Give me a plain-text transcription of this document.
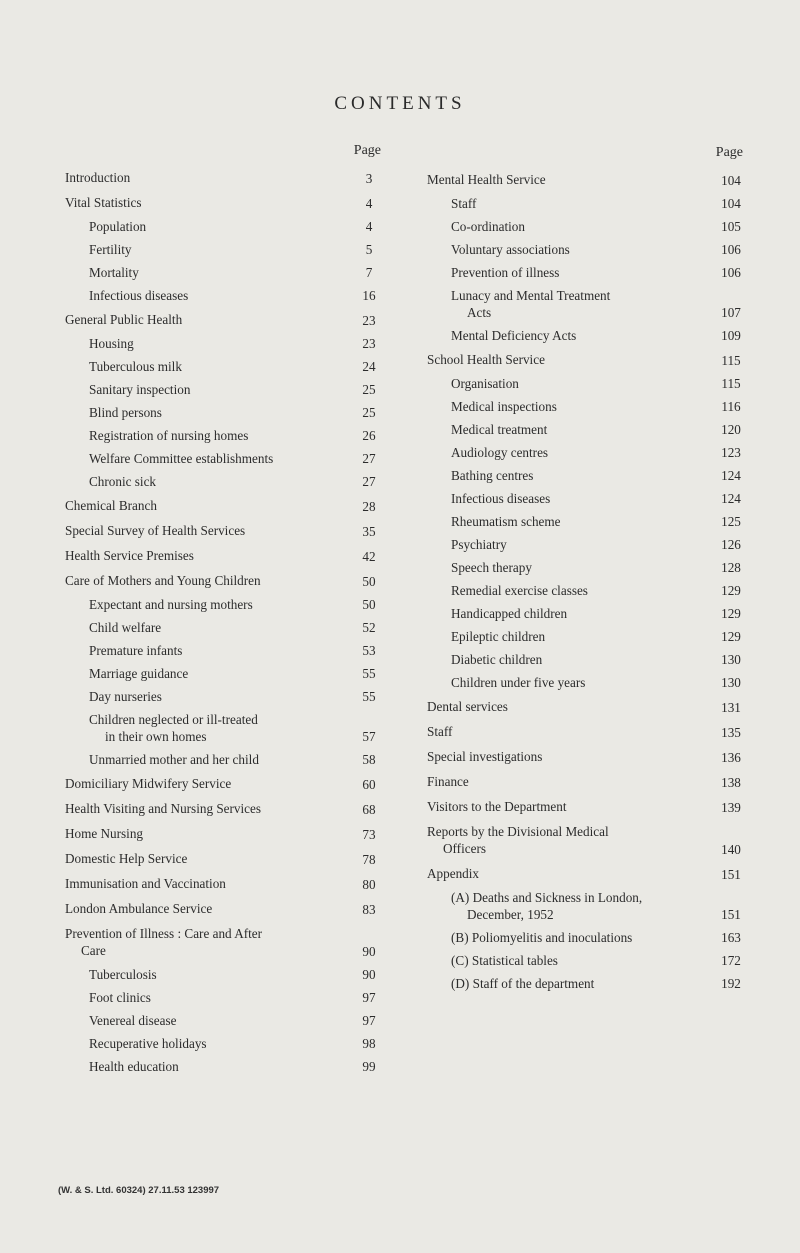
CONTENTS
Page
Introduction	3
Vital Statistics	4
Population	4
Fertility	5
Mortality	7
Infectious diseases	16
General Public Health	23
Housing	23
Tuberculous milk	24
Sanitary inspection	25
Blind persons	25
Registration of nursing homes	26
Welfare Committee establishments	27
Chronic sick	27
Chemical Branch	28
Special Survey of Health Services	35
Health Service Premises	42
Care of Mothers and Young Children	50
Expectant and nursing mothers	50
Child welfare	52
Premature infants	53
Marriage guidance	55
Day nurseries	55
Children neglected or ill-treated
in their own homes	57
Unmarried mother and her child	58
Domiciliary Midwifery Service	60
Health Visiting and Nursing Services	68
Home Nursing	73
Domestic Help Service	78
Immunisation and Vaccination	80
London Ambulance Service	83
Prevention of Illness : Care and After
Care	90
Tuberculosis	90
Foot clinics	97
Venereal disease	97
Recuperative holidays	98
Health education	99
Page
Mental Health Service	104
Staff	104
Co-ordination	105
Voluntary associations	106
Prevention of illness	106
Lunacy and Mental Treatment
Acts	107
Mental Deficiency Acts	109
School Health Service	115
Organisation	115
Medical inspections	116
Medical treatment	120
Audiology centres	123
Bathing centres	124
Infectious diseases	124
Rheumatism scheme	125
Psychiatry	126
Speech therapy	128
Remedial exercise classes	129
Handicapped children	129
Epileptic children	129
Diabetic children	130
Children under five years	130
Dental services	131
Staff	135
Special investigations	136
Finance	138
Visitors to the Department	139
Reports by the Divisional Medical
Officers	140
Appendix	151
(A) Deaths and Sickness in London,
December, 1952	151
(B) Poliomyelitis and inoculations	163
(C) Statistical tables	172
(D) Staff of the department	192
(W. & S. Ltd. 60324) 27.11.53 123997
